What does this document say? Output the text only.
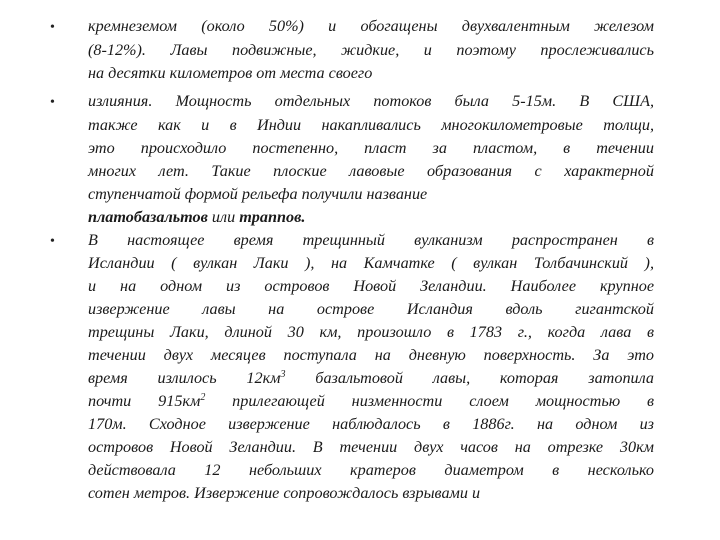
• кремнеземом (около 50%) и обогащены двухвалентным железом
(8-12%). Лавы подвижные, жидкие, и поэтому прослеживались
на десятки километров от места своего
• излияния. Мощность отдельных потоков была 5-15м. В США,
также как и в Индии накапливались многокилометровые толщи,
это происходило постепенно, пласт за пластом, в течении
многих лет. Такие плоские лавовые образования с характерной
ступенчатой формой рельефа получили название
платобазальтов или траппов.
• В настоящее время трещинный вулканизм распространен в
Исландии ( вулкан Лаки ), на Камчатке ( вулкан Толбачинский ),
и на одном из островов Новой Зеландии. Наиболее крупное
извержение лавы на острове Исландия вдоль гигантской
трещины Лаки, длиной 30 км, произошло в 1783 г., когда лава в
течении двух месяцев поступала на дневную поверхность. За это
время  излилось  $12км^3$  базальтовой  лавы,  которая  затопила
почти  $915км^2$  прилегающей  низменности  слоем  мощностью  в
170м. Сходное извержение наблюдалось в 1886г. на одном из
островов Новой Зеландии. В течении двух часов на отрезке 30км
действовала 12 небольших кратеров диаметром в несколько
сотен метров. Извержение сопровождалось взрывами и
